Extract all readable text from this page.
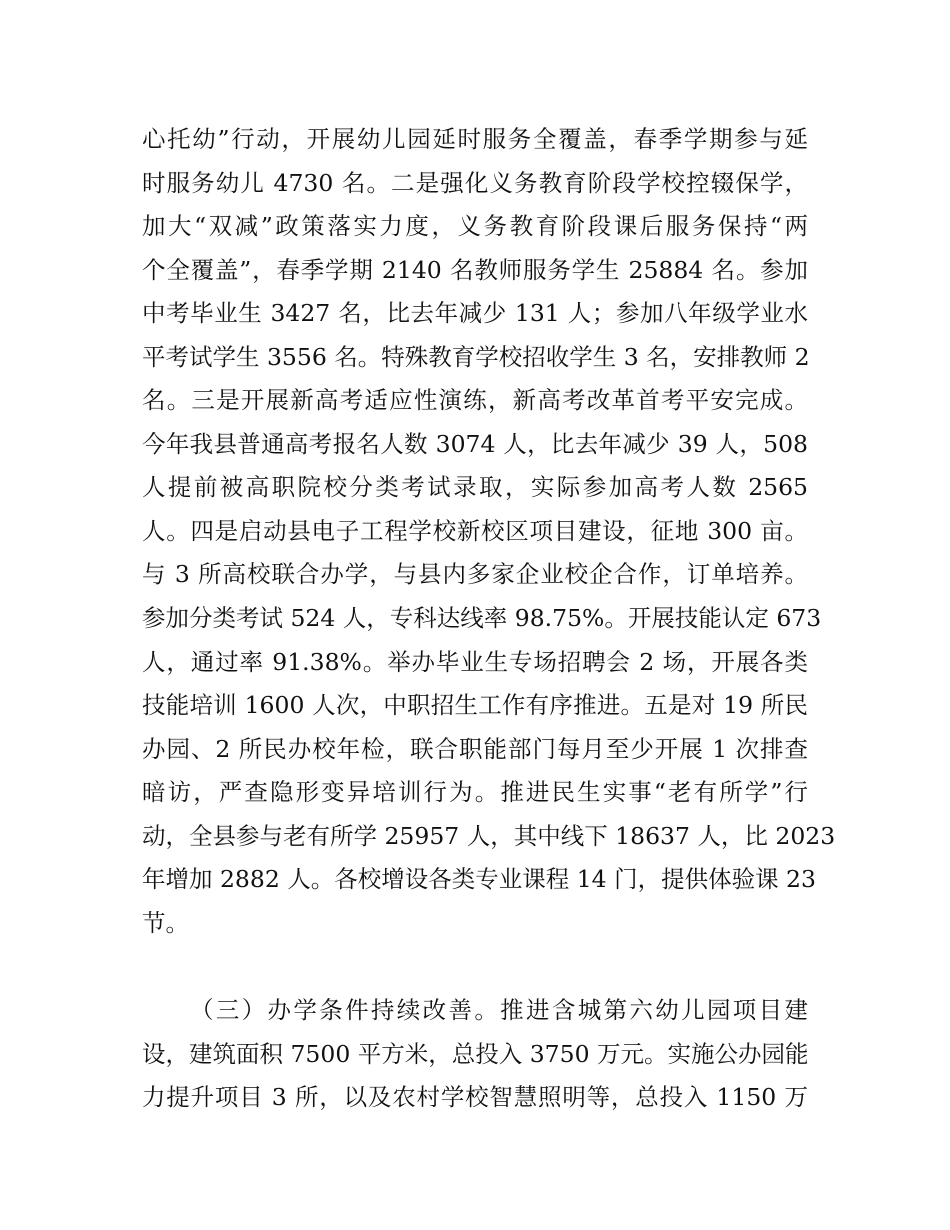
心托幼”行动，开展幼儿园延时服务全覆盖，春季学期参与延
时服务幼儿 4730 名。二是强化义务教育阶段学校控辍保学，
加大“双减”政策落实力度，义务教育阶段课后服务保持“两
个全覆盖”，春季学期 2140 名教师服务学生 25884 名。参加
中考毕业生 3427 名，比去年减少 131 人；参加八年级学业水
平考试学生 3556 名。特殊教育学校招收学生 3 名，安排教师 2
名。三是开展新高考适应性演练，新高考改革首考平安完成。
今年我县普通高考报名人数 3074 人，比去年减少 39 人，508
人提前被高职院校分类考试录取，实际参加高考人数 2565
人。四是启动县电子工程学校新校区项目建设，征地 300 亩。
与 3 所高校联合办学，与县内多家企业校企合作，订单培养。
参加分类考试 524 人，专科达线率 98.75%。开展技能认定 673
人，通过率 91.38%。举办毕业生专场招聘会 2 场，开展各类
技能培训 1600 人次，中职招生工作有序推进。五是对 19 所民
办园、2 所民办校年检，联合职能部门每月至少开展 1 次排查
暗访，严查隐形变异培训行为。推进民生实事“老有所学”行
动，全县参与老有所学 25957 人，其中线下 18637 人，比 2023
年增加 2882 人。各校增设各类专业课程 14 门，提供体验课 23
节。
（三）办学条件持续改善。推进含城第六幼儿园项目建
设，建筑面积 7500 平方米，总投入 3750 万元。实施公办园能
力提升项目 3 所，以及农村学校智慧照明等，总投入 1150 万
